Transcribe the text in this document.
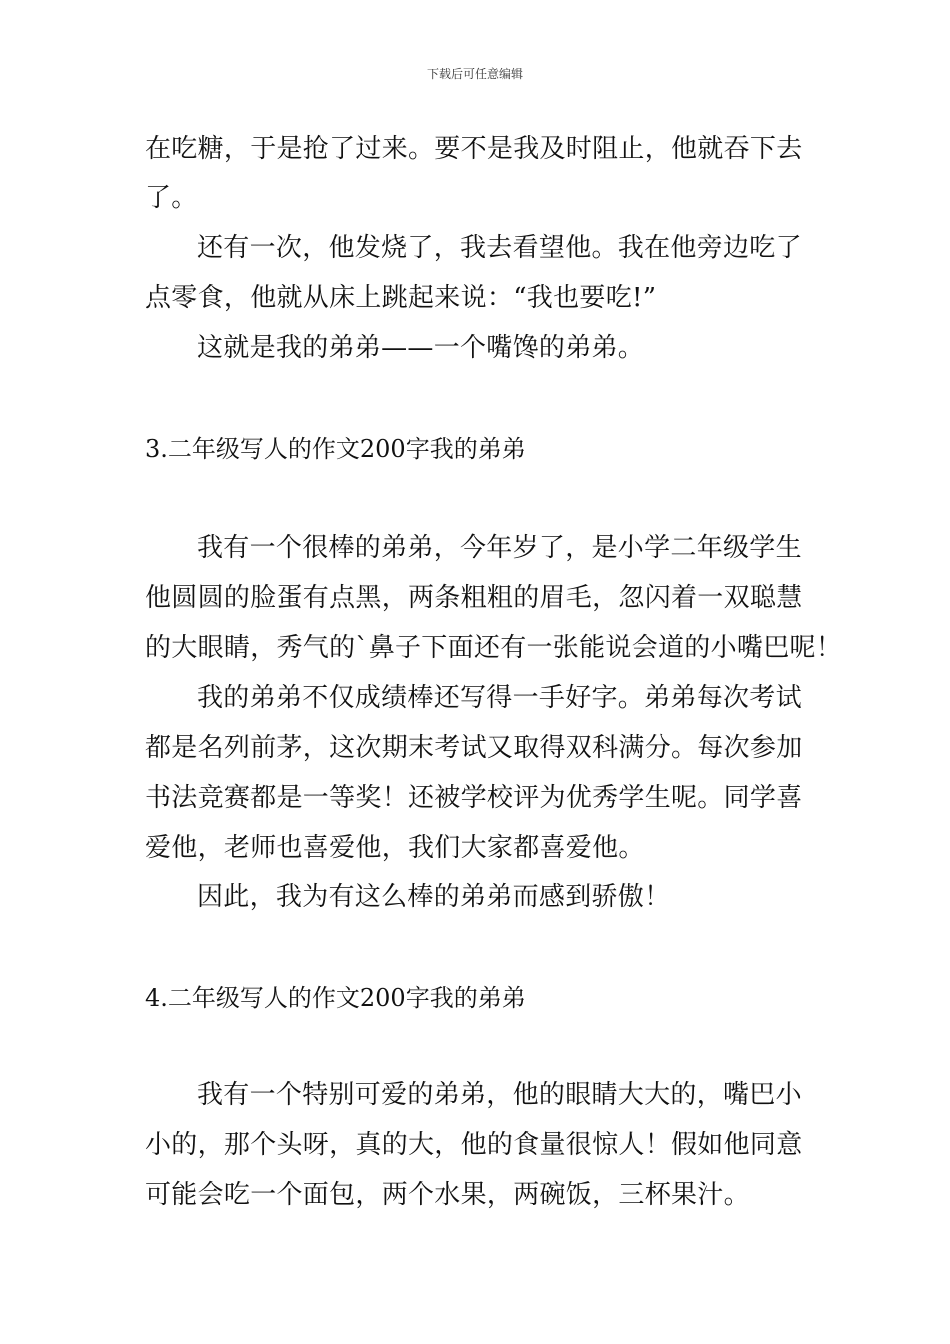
下载后可任意编辑
在吃糖，于是抢了过来。要不是我及时阻止，他就吞下去
了。
还有一次，他发烧了，我去看望他。我在他旁边吃了
点零食，他就从床上跳起来说：“我也要吃!”
这就是我的弟弟——一个嘴馋的弟弟。
3.二年级写人的作文200字我的弟弟
我有一个很棒的弟弟，今年岁了，是小学二年级学生
他圆圆的脸蛋有点黑，两条粗粗的眉毛，忽闪着一双聪慧
的大眼睛，秀气的`鼻子下面还有一张能说会道的小嘴巴呢！
我的弟弟不仅成绩棒还写得一手好字。弟弟每次考试
都是名列前茅，这次期末考试又取得双科满分。每次参加
书法竞赛都是一等奖！还被学校评为优秀学生呢。同学喜
爱他，老师也喜爱他，我们大家都喜爱他。
因此，我为有这么棒的弟弟而感到骄傲！
4.二年级写人的作文200字我的弟弟
我有一个特别可爱的弟弟，他的眼睛大大的，嘴巴小
小的，那个头呀，真的大，他的食量很惊人！假如他同意
可能会吃一个面包，两个水果，两碗饭，三杯果汁。
